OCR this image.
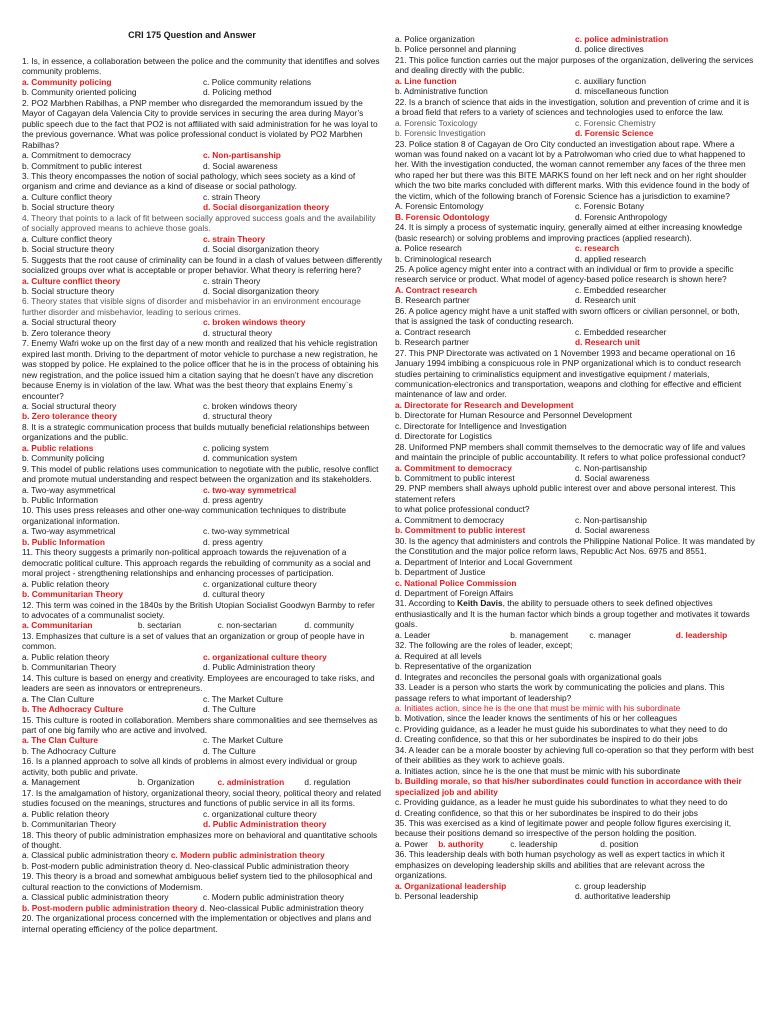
CRI 175 Question and Answer
1. Is, in essence, a collaboration between the police and the community that identifies and solves community problems.
a. Community policing	c. Police community relations
b. Community oriented policing	d. Policing method
2. PO2 Marbhen Rabilhas, a PNP member who disregarded the memorandum issued by the Mayor of Cagayan dela Valencia City to provide services in securing the area during Mayor’s public speech due to the fact that PO2 is not affiliated with said administration for he was loyal to the previous governance. What was police professional conduct is violated by PO2 Marbhen Rabilhas?
a. Commitment to democracy	c. Non-partisanship
b. Commitment to public interest	d. Social awareness
3. This theory encompasses the notion of social pathology, which sees society as a kind of organism and crime and deviance as a kind of disease or social pathology.
a. Culture conflict theory	c. strain Theory
b. Social structure theory	d. Social disorganization theory
4. Theory that points to a lack of fit between socially approved success goals and the availability of socially approved means to achieve those goals.
a. Culture conflict theory	c. strain Theory
b. Social structure theory	d. Social disorganization theory
5. Suggests that the root cause of criminality can be found in a clash of values between differently socialized groups over what is acceptable or proper behavior. What theory is referring here?
a. Culture conflict theory	c. strain Theory
b. Social structure theory	d. Social disorganization theory
6. Theory states that visible signs of disorder and misbehavior in an environment encourage further disorder and misbehavior, leading to serious crimes.
a. Social structural theory	c. broken windows theory
b. Zero tolerance theory	d. structural theory
7. Enemy Wafri woke up on the first day of a new month and realized that his vehicle registration expired last month. Driving to the department of motor vehicle to purchase a new registration, he was stopped by police. He explained to the police officer that he is in the process of obtaining his new registration, and the police issued him a citation saying that he doesn’t have any discretion because Enemy is in violation of the law. What was the best theory that explains Enemy`s encounter?
a. Social structural theory	c. broken windows theory
b. Zero tolerance theory	d. structural theory
8. It is a strategic communication process that builds mutually beneficial relationships between organizations and the public.
a. Public relations	c. policing system
b. Community policing	d. communication system
9. This model of public relations uses communication to negotiate with the public, resolve conflict and promote mutual understanding and respect between the organization and its stakeholders.
a. Two-way asymmetrical	c. two-way symmetrical
b. Public Information	d. press agentry
10. This uses press releases and other one-way communication techniques to distribute organizational information.
a. Two-way asymmetrical	c. two-way symmetrical
b. Public Information	d. press agentry
11. This theory suggests a primarily non-political approach towards the rejuvenation of a democratic political culture. This approach regards the rebuilding of community as a social and moral project - strengthening relationships and enhancing processes of participation.
a. Public relation theory	c. organizational culture theory
b. Communitarian Theory	d. cultural theory
12. This term was coined in the 1840s by the British Utopian Socialist Goodwyn Barmby to refer to advocates of a communalist society.
a. Communitarian	b. sectarian	c. non-sectarian	d. community
13. Emphasizes that culture is a set of values that an organization or group of people have in common.
a. Public relation theory	c. organizational culture theory
b. Communitarian Theory	d. Public Administration theory
14. This culture is based on energy and creativity. Employees are encouraged to take risks, and leaders are seen as innovators or entrepreneurs.
a. The Clan Culture	c. The Market Culture
b. The Adhocracy Culture	d. The Culture
15. This culture is rooted in collaboration. Members share commonalities and see themselves as part of one big family who are active and involved.
a. The Clan Culture	c. The Market Culture
b. The Adhocracy Culture	d. The Culture
16. Is a planned approach to solve all kinds of problems in almost every individual or group activity, both public and private.
a. Management	b. Organization	c. administration	d. regulation
17. Is the amalgamation of history, organizational theory, social theory, political theory and related studies focused on the meanings, structures and functions of public service in all its forms.
a. Public relation theory	c. organizational culture theory
b. Communitarian Theory	d. Public Administration theory
18. This theory of public administration emphasizes more on behavioral and quantitative schools of thought.
a. Classical public administration theory c. Modern public administration theory
b. Post-modern public administration theory d. Neo-classical Public administration theory
19. This theory is a broad and somewhat ambiguous belief system tied to the philosophical and cultural reaction to the convictions of Modernism.
a. Classical public administration theory	c. Modern public administration theory
b. Post-modern public administration theory d. Neo-classical Public administration theory
20. The organizational process concerned with the implementation or objectives and plans and internal operating efficiency of the police department.
a. Police organization	c. police administration
b. Police personnel and planning	d. police directives
21. This police function carries out the major purposes of the organization, delivering the services and dealing directly with the public.
a. Line function	c. auxiliary function
b. Administrative function	d. miscellaneous function
22. Is a branch of science that aids in the investigation, solution and prevention of crime and it is a broad field that refers to a variety of sciences and technologies used to enforce the law.
a. Forensic Toxicology	c. Forensic Chemistry
b. Forensic Investigation	d. Forensic Science
23. Police station 8 of Cagayan de Oro City conducted an investigation about rape. Where a woman was found naked on a vacant lot by a Patrolwoman who cried due to what happened to her. With the investigation conducted, the woman cannot remember any faces of the three men who raped her but there was this BITE MARKS found on her left neck and on her right shoulder which the two bite marks concluded with different marks. With this evidence found in the body of the victim, which of the following branch of Forensic Science has a jurisdiction to examine?
A. Forensic Entomology	c. Forensic Botany
B. Forensic Odontology	d. Forensic Anthropology
24. It is simply a process of systematic inquiry, generally aimed at either increasing knowledge (basic research) or solving problems and improving practices (applied research).
a. Police research	c. research
b. Criminological research	d. applied research
25. A police agency might enter into a contract with an individual or firm to provide a specific research service or product. What model of agency-based police research is shown here?
A. Contract research	c. Embedded researcher
B. Research partner	d. Research unit
26. A police agency might have a unit staffed with sworn officers or civilian personnel, or both, that is assigned the task of conducting research.
a. Contract research	c. Embedded researcher
b. Research partner	d. Research unit
27. This PNP Directorate was activated on 1 November 1993 and became operational on 16 January 1994 imbibing a conspicuous role in PNP organizational which is to conduct research studies pertaining to criminalistics equipment and investigative equipment / materials, communication-electronics and transportation, weapons and clothing for effective and efficient maintenance of law and order.
a. Directorate for Research and Development
b. Directorate for Human Resource and Personnel Development
c. Directorate for Intelligence and Investigation
d. Directorate for Logistics
28. Uniformed PNP members shall commit themselves to the democratic way of life and values and maintain the principle of public accountability. It refers to what police professional conduct?
a. Commitment to democracy	c. Non-partisanship
b. Commitment to public interest	d. Social awareness
29. PNP members shall always uphold public interest over and above personal interest. This statement refers
to what police professional conduct?
a. Commitment to democracy	c. Non-partisanship
b. Commitment to public interest	d. Social awareness
30. Is the agency that administers and controls the Philippine National Police. It was mandated by the Constitution and the major police reform laws, Republic Act Nos. 6975 and 8551.
a. Department of Interior and Local Government
b. Department of Justice
c. National Police Commission
d. Department of Foreign Affairs
31. According to Keith Davis, the ability to persuade others to seek defined objectives enthusiastically and It is the human factor which binds a group together and motivates it towards goals.
a. Leader	b. management	c. manager	d. leadership
32. The following are the roles of leader, except;
a. Required at all levels
b. Representative of the organization
d. Integrates and reconciles the personal goals with organizational goals
33. Leader is a person who starts the work by communicating the policies and plans. This passage refers to what important of leadership?
a. Initiates action, since he is the one that must be mimic with his subordinate
b. Motivation, since the leader knows the sentiments of his or her colleagues
c. Providing guidance, as a leader he must guide his subordinates to what they need to do
d. Creating confidence, so that this or her subordinates be inspired to do their jobs
34. A leader can be a morale booster by achieving full co-operation so that they perform with best of their abilities as they work to achieve goals.
a. Initiates action, since he is the one that must be mimic with his subordinate
b. Building morale, so that his/her subordinates could function in accordance with their specialized job and ability
c. Providing guidance, as a leader he must guide his subordinates to what they need to do
d. Creating confidence, so that this or her subordinates be inspired to do their jobs
35. This was exercised as a kind of legitimate power and people follow figures exercising it, because their positions demand so irrespective of the person holding the position.
a. Power	b. authority	c. leadership	d. position
36. This leadership deals with both human psychology as well as expert tactics in which it emphasizes on developing leadership skills and abilities that are relevant across the organizations.
a. Organizational leadership	c. group leadership
b. Personal leadership	d. authoritative leadership
